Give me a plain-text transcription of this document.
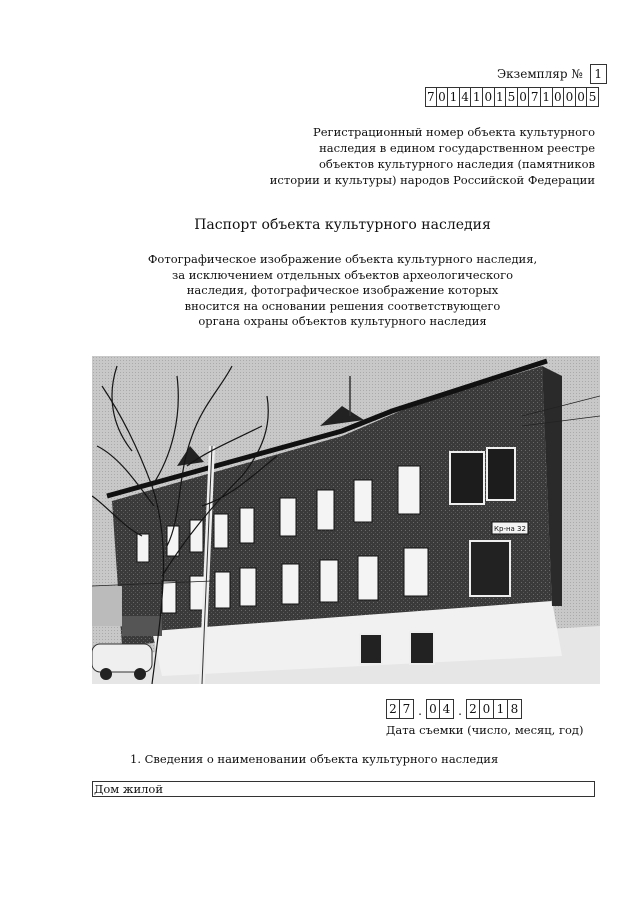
Экземпляр № 1
7 0 1 4 1 0 1 5 0 7 1 0 0 0 5
Регистрационный номер объекта культурного
наследия в едином государственном реестре
объектов культурного наследия (памятников
истории и культуры) народов Российской Федерации
Паспорт объекта культурного наследия
Фотографическое изображение объекта культурного наследия,
за исключением отдельных объектов археологического
наследия, фотографическое изображение которых
вносится на основании решения соответствующего
органа охраны объектов культурного наследия
Кр-на 32
2 7 . 0 4 . 2 0 1 8
Дата съемки (число, месяц, год)
1. Сведения о наименовании объекта культурного наследия
Дом жилой
